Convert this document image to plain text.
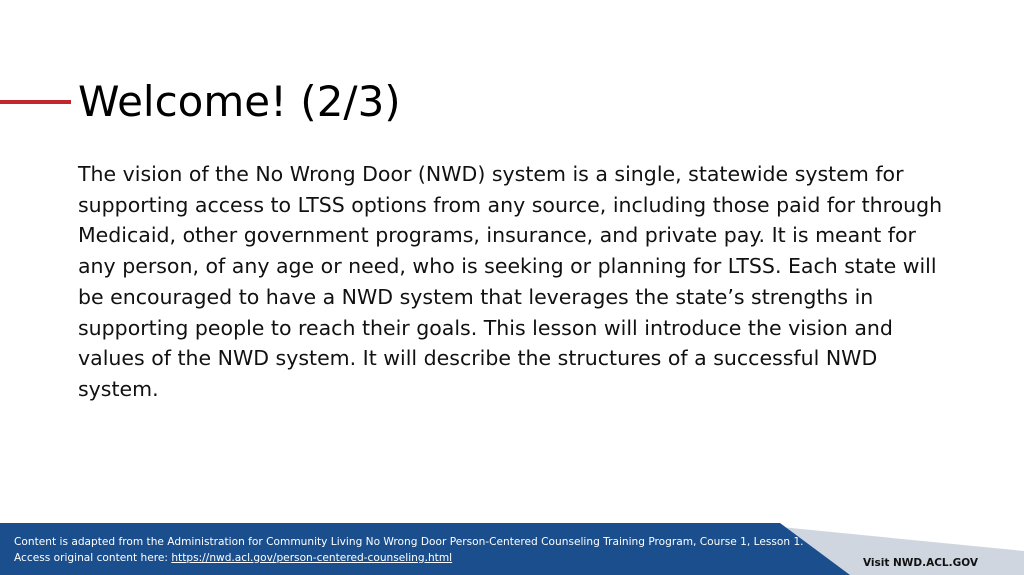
Welcome! (2/3)

The vision of the No Wrong Door (NWD) system is a single, statewide system for supporting access to LTSS options from any source, including those paid for through Medicaid, other government programs, insurance, and private pay. It is meant for any person, of any age or need, who is seeking or planning for LTSS. Each state will be encouraged to have a NWD system that leverages the state’s strengths in supporting people to reach their goals. This lesson will introduce the vision and values of the NWD system. It will describe the structures of a successful NWD system.

Content is adapted from the Administration for Community Living No Wrong Door Person-Centered Counseling Training Program, Course 1, Lesson 1.
Access original content here: https://nwd.acl.gov/person-centered-counseling.html	Visit NWD.ACL.GOV
